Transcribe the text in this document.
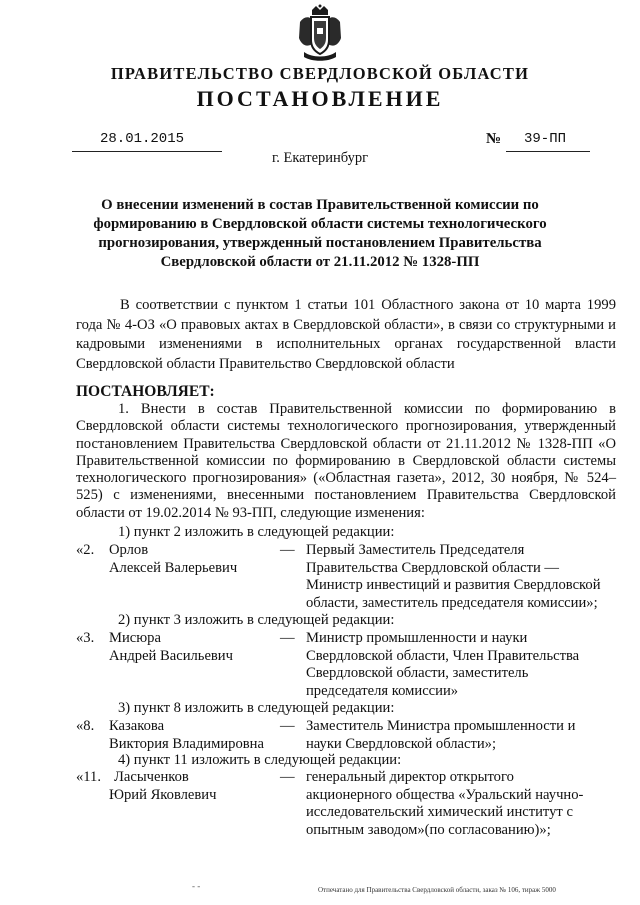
ПРАВИТЕЛЬСТВО СВЕРДЛОВСКОЙ ОБЛАСТИ
ПОСТАНОВЛЕНИЕ
28.01.2015	№	39-ПП
г. Екатеринбург
О внесении изменений в состав Правительственной комиссии по формированию в Свердловской области системы технологического прогнозирования, утвержденный постановлением Правительства Свердловской области от 21.11.2012 № 1328-ПП
В соответствии с пунктом 1 статьи 101 Областного закона от 10 марта 1999 года № 4-ОЗ «О правовых актах в Свердловской области», в связи со структурными и кадровыми изменениями в исполнительных органах государственной власти Свердловской области Правительство Свердловской области
ПОСТАНОВЛЯЕТ:
1. Внести в состав Правительственной комиссии по формированию в Свердловской области системы технологического прогнозирования, утвержденный постановлением Правительства Свердловской области от 21.11.2012 № 1328-ПП «О Правительственной комиссии по формированию в Свердловской области системы технологического прогнозирования» («Областная газета», 2012, 30 ноября, № 524–525) с изменениями, внесенными постановлением Правительства Свердловской области от 19.02.2014 № 93-ПП, следующие изменения:
1) пункт 2 изложить в следующей редакции:
«2. Орлов
Алексей Валерьевич
— Первый Заместитель Председателя
Правительства Свердловской области —
Министр инвестиций и развития Свердловской
области, заместитель председателя комиссии»;
2) пункт 3 изложить в следующей редакции:
«3. Мисюра
Андрей Васильевич
— Министр промышленности и науки
Свердловской области, Член Правительства
Свердловской области, заместитель
председателя комиссии»
3) пункт 8 изложить в следующей редакции:
«8. Казакова
Виктория Владимировна
— Заместитель Министра промышленности и
науки Свердловской области»;
4) пункт 11 изложить в следующей редакции:
«11. Ласыченков
Юрий Яковлевич
— генеральный директор открытого
акционерного общества «Уральский научно-
исследовательский химический институт с
опытным заводом»(по согласованию)»;
- -	Отпечатано для Правительства Свердловской области, заказ № 106, тираж 5000
